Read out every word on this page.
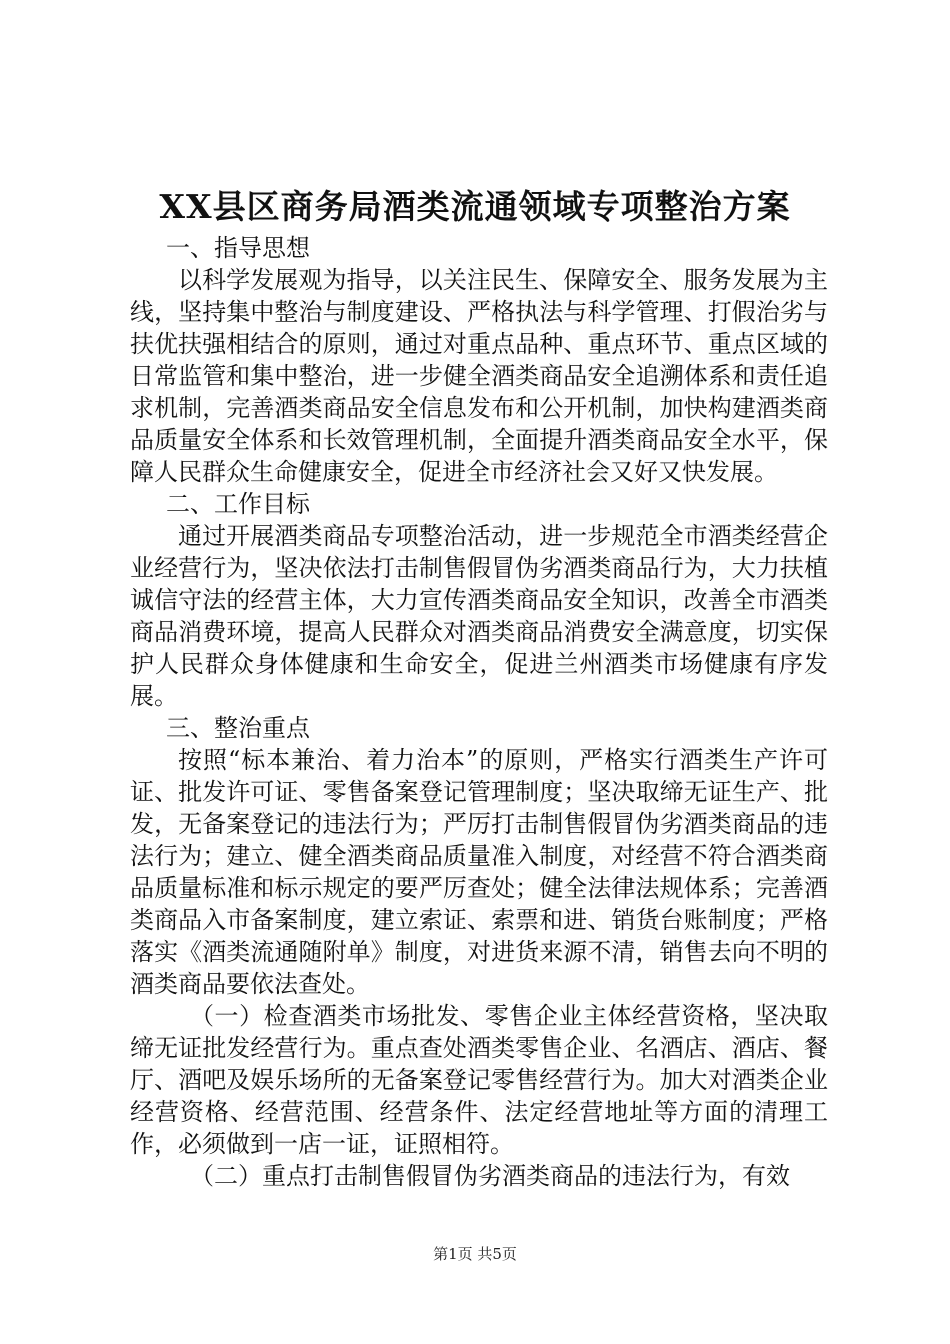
XX县区商务局酒类流通领域专项整治方案

一、指导思想

以科学发展观为指导，以关注民生、保障安全、服务发展为主线，坚持集中整治与制度建设、严格执法与科学管理、打假治劣与扶优扶强相结合的原则，通过对重点品种、重点环节、重点区域的日常监管和集中整治，进一步健全酒类商品安全追溯体系和责任追求机制，完善酒类商品安全信息发布和公开机制，加快构建酒类商品质量安全体系和长效管理机制，全面提升酒类商品安全水平，保障人民群众生命健康安全，促进全市经济社会又好又快发展。

二、工作目标

通过开展酒类商品专项整治活动，进一步规范全市酒类经营企业经营行为，坚决依法打击制售假冒伪劣酒类商品行为，大力扶植诚信守法的经营主体，大力宣传酒类商品安全知识，改善全市酒类商品消费环境，提高人民群众对酒类商品消费安全满意度，切实保护人民群众身体健康和生命安全，促进兰州酒类市场健康有序发展。

三、整治重点

按照“标本兼治、着力治本”的原则，严格实行酒类生产许可证、批发许可证、零售备案登记管理制度；坚决取缔无证生产、批发，无备案登记的违法行为；严厉打击制售假冒伪劣酒类商品的违法行为；建立、健全酒类商品质量准入制度，对经营不符合酒类商品质量标准和标示规定的要严厉查处；健全法律法规体系；完善酒类商品入市备案制度，建立索证、索票和进、销货台账制度；严格落实《酒类流通随附单》制度，对进货来源不清，销售去向不明的酒类商品要依法查处。

（一）检查酒类市场批发、零售企业主体经营资格，坚决取缔无证批发经营行为。重点查处酒类零售企业、名酒店、酒店、餐厅、酒吧及娱乐场所的无备案登记零售经营行为。加大对酒类企业经营资格、经营范围、经营条件、法定经营地址等方面的清理工作，必须做到一店一证，证照相符。

（二）重点打击制售假冒伪劣酒类商品的违法行为，有效

第1页 共5页
